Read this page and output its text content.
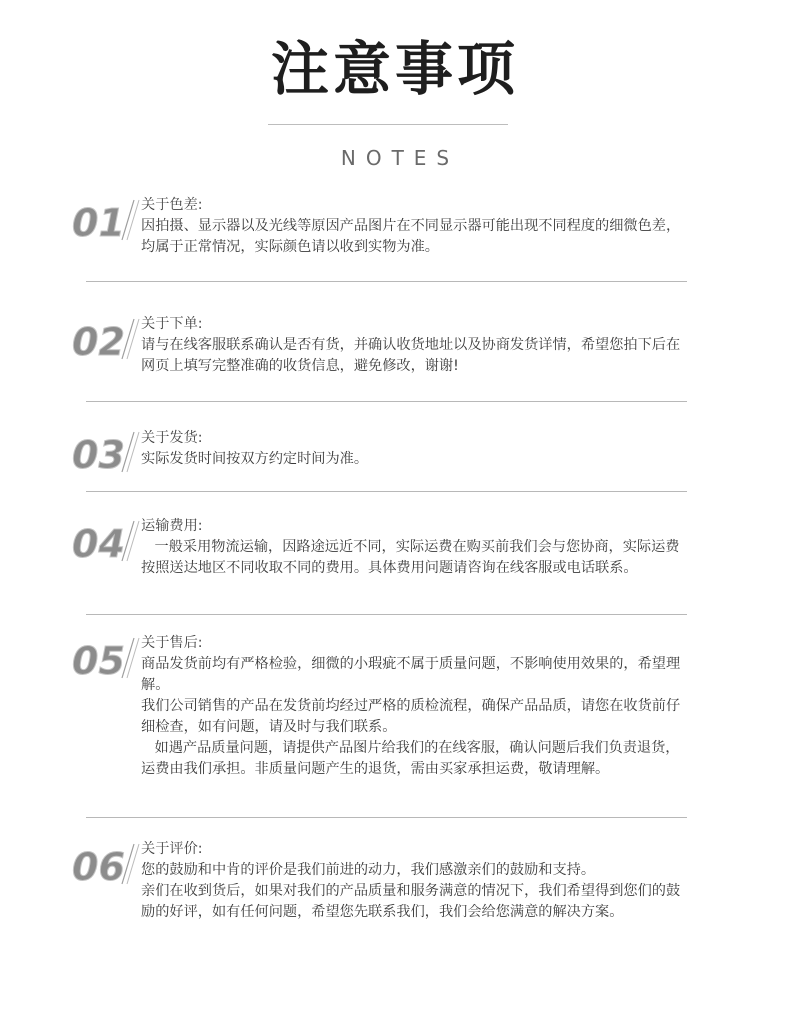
注意事项
NOTES
01 关于色差:
因拍摄、显示器以及光线等原因产品图片在不同显示器可能出现不同程度的细微色差，均属于正常情况，实际颜色请以收到实物为准。
02 关于下单:
请与在线客服联系确认是否有货，并确认收货地址以及协商发货详情，希望您拍下后在网页上填写完整准确的收货信息，避免修改，谢谢!
03 关于发货:
实际发货时间按双方约定时间为准。
04 运输费用:
一般采用物流运输，因路途远近不同，实际运费在购买前我们会与您协商，实际运费按照送达地区不同收取不同的费用。具体费用问题请咨询在线客服或电话联系。
05 关于售后:
商品发货前均有严格检验，细微的小瑕疵不属于质量问题，不影响使用效果的，希望理解。
我们公司销售的产品在发货前均经过严格的质检流程，确保产品品质，请您在收货前仔细检查，如有问题，请及时与我们联系。
如遇产品质量问题，请提供产品图片给我们的在线客服，确认问题后我们负责退货，运费由我们承担。非质量问题产生的退货，需由买家承担运费，敬请理解。
06 关于评价:
您的鼓励和中肯的评价是我们前进的动力，我们感激亲们的鼓励和支持。
亲们在收到货后，如果对我们的产品质量和服务满意的情况下，我们希望得到您们的鼓励的好评，如有任何问题，希望您先联系我们，我们会给您满意的解决方案。
